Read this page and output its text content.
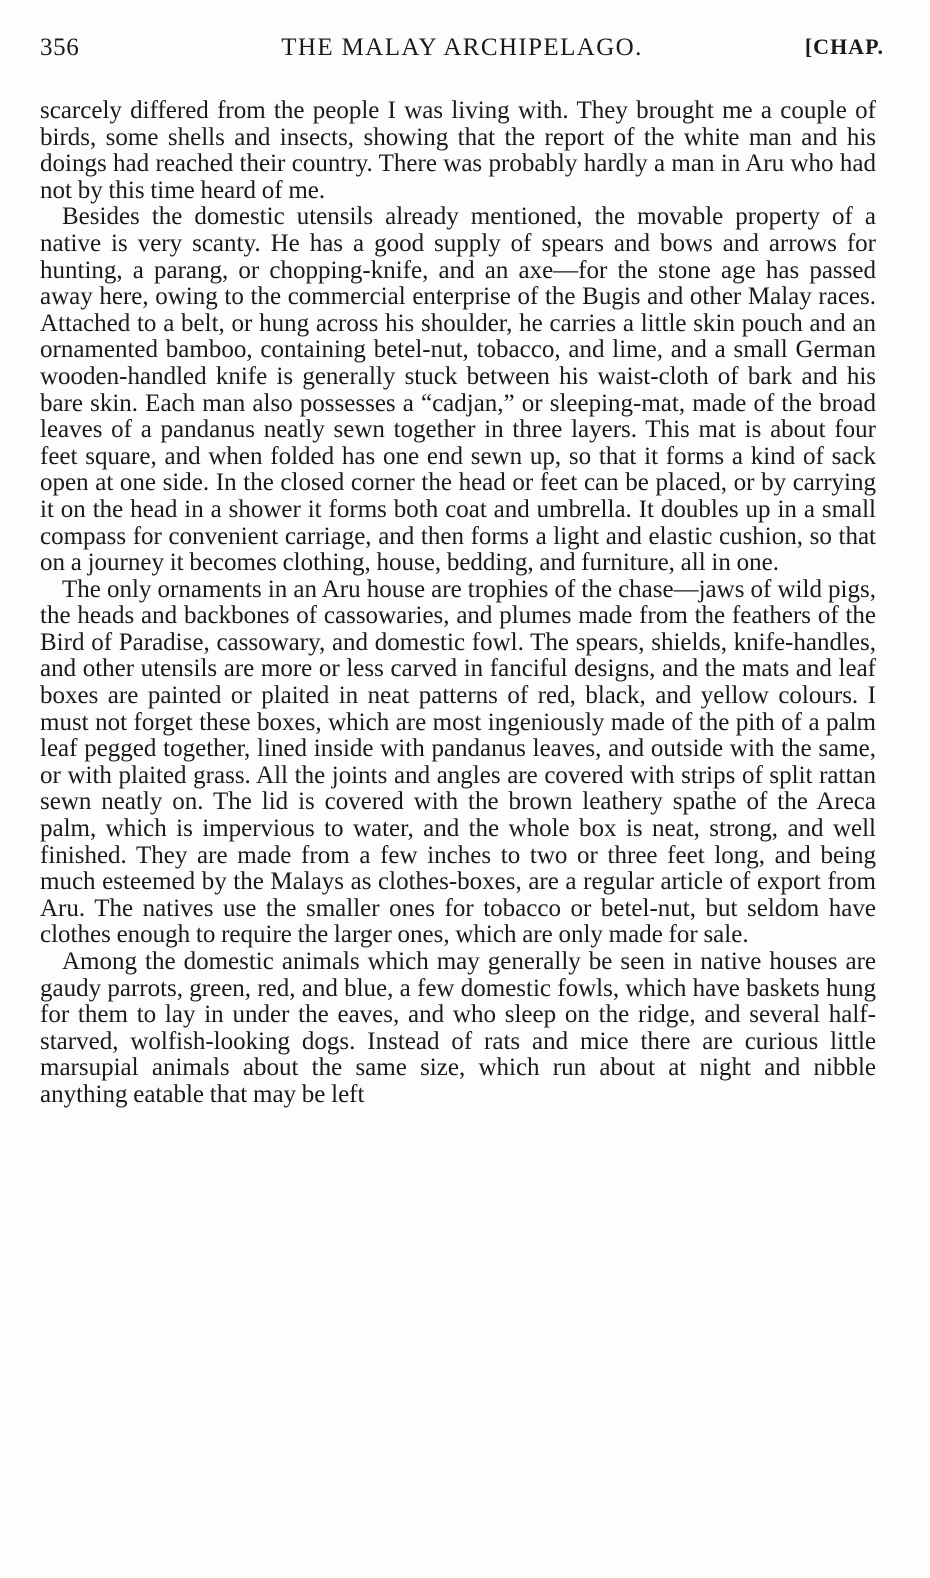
356	THE MALAY ARCHIPELAGO.	[CHAP.

scarcely differed from the people I was living with. They brought me a couple of birds, some shells and insects, showing that the report of the white man and his doings had reached their country. There was probably hardly a man in Aru who had not by this time heard of me.

Besides the domestic utensils already mentioned, the movable property of a native is very scanty. He has a good supply of spears and bows and arrows for hunting, a parang, or chopping-knife, and an axe—for the stone age has passed away here, owing to the commercial enterprise of the Bugis and other Malay races. Attached to a belt, or hung across his shoulder, he carries a little skin pouch and an ornamented bamboo, containing betel-nut, tobacco, and lime, and a small German wooden-handled knife is generally stuck between his waist-cloth of bark and his bare skin. Each man also possesses a “cadjan,” or sleeping-mat, made of the broad leaves of a pandanus neatly sewn together in three layers. This mat is about four feet square, and when folded has one end sewn up, so that it forms a kind of sack open at one side. In the closed corner the head or feet can be placed, or by carrying it on the head in a shower it forms both coat and umbrella. It doubles up in a small compass for convenient carriage, and then forms a light and elastic cushion, so that on a journey it becomes clothing, house, bedding, and furniture, all in one.

The only ornaments in an Aru house are trophies of the chase—jaws of wild pigs, the heads and backbones of cassowaries, and plumes made from the feathers of the Bird of Paradise, cassowary, and domestic fowl. The spears, shields, knife-handles, and other utensils are more or less carved in fanciful designs, and the mats and leaf boxes are painted or plaited in neat patterns of red, black, and yellow colours. I must not forget these boxes, which are most ingeniously made of the pith of a palm leaf pegged together, lined inside with pandanus leaves, and outside with the same, or with plaited grass. All the joints and angles are covered with strips of split rattan sewn neatly on. The lid is covered with the brown leathery spathe of the Areca palm, which is impervious to water, and the whole box is neat, strong, and well finished. They are made from a few inches to two or three feet long, and being much esteemed by the Malays as clothes-boxes, are a regular article of export from Aru. The natives use the smaller ones for tobacco or betel-nut, but seldom have clothes enough to require the larger ones, which are only made for sale.

Among the domestic animals which may generally be seen in native houses are gaudy parrots, green, red, and blue, a few domestic fowls, which have baskets hung for them to lay in under the eaves, and who sleep on the ridge, and several half-starved, wolfish-looking dogs. Instead of rats and mice there are curious little marsupial animals about the same size, which run about at night and nibble anything eatable that may be left
